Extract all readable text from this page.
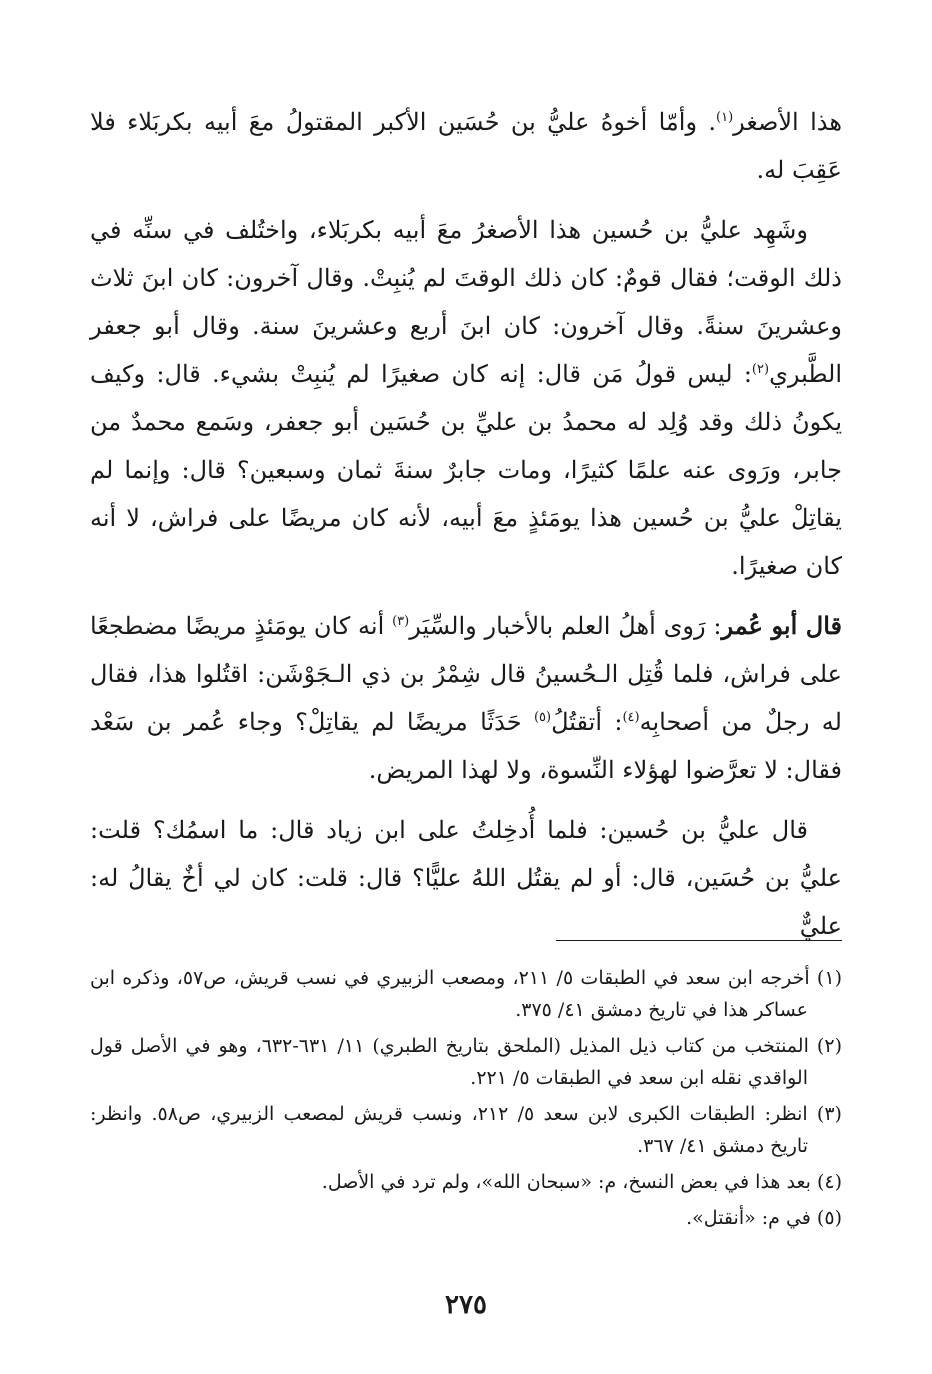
هذا الأصغر$^{(١)}$. وأمّا أخوهُ عليُّ بن حُسَين الأكبر المقتولُ معَ أبيه بكربَلاء فلا عَقِبَ له.

وشَهِد عليُّ بن حُسين هذا الأصغرُ معَ أبيه بكربَلاء، واختُلف في سنِّه في ذلك الوقت؛ فقال قومٌ: كان ذلك الوقتَ لم يُنبِتْ. وقال آخرون: كان ابنَ ثلاث وعشرينَ سنةً. وقال آخرون: كان ابنَ أربع وعشرينَ سنة. وقال أبو جعفر الطَّبري$^{(٢)}$: ليس قولُ مَن قال: إنه كان صغيرًا لم يُنبِتْ بشيء. قال: وكيف يكونُ ذلك وقد وُلِد له محمدُ بن عليِّ بن حُسَين أبو جعفر، وسَمع محمدٌ من جابر، ورَوى عنه علمًا كثيرًا، ومات جابرٌ سنةَ ثمان وسبعين؟ قال: وإنما لم يقاتِلْ عليُّ بن حُسين هذا يومَئذٍ معَ أبيه، لأنه كان مريضًا على فراش، لا أنه كان صغيرًا.

قال أبو عُمر: رَوى أهلُ العلم بالأخبار والسِّيَر$^{(٣)}$ أنه كان يومَئذٍ مريضًا مضطجعًا على فراش، فلما قُتِل الـحُسينُ قال شِمْرُ بن ذي الـجَوْشَن: اقتُلوا هذا، فقال له رجلٌ من أصحابِه$^{(٤)}$: أتقتُلُ$^{(٥)}$ حَدَثًا مريضًا لم يقاتِلْ؟ وجاء عُمر بن سَعْد فقال: لا تعرَّضوا لهؤلاء النِّسوة، ولا لهذا المريض.

قال عليُّ بن حُسين: فلما أُدخِلتُ على ابن زياد قال: ما اسمُك؟ قلت: عليُّ بن حُسَين، قال: أو لم يقتُل اللهُ عليًّا؟ قال: قلت: كان لي أخٌ يقالُ له: عليٌّ

(١) أخرجه ابن سعد في الطبقات ٥/ ٢١١، ومصعب الزبيري في نسب قريش، ص٥٧، وذكره ابن عساكر هذا في تاريخ دمشق ٤١/ ٣٧٥.

(٢) المنتخب من كتاب ذيل المذيل (الملحق بتاريخ الطبري) ١١/ ٦٣١-٦٣٢، وهو في الأصل قول الواقدي نقله ابن سعد في الطبقات ٥/ ٢٢١.

(٣) انظر: الطبقات الكبرى لابن سعد ٥/ ٢١٢، ونسب قريش لمصعب الزبيري، ص٥٨. وانظر: تاريخ دمشق ٤١/ ٣٦٧.

(٤) بعد هذا في بعض النسخ، م: «سبحان الله»، ولم ترد في الأصل.

(٥) في م: «أنقتل».

٢٧٥
